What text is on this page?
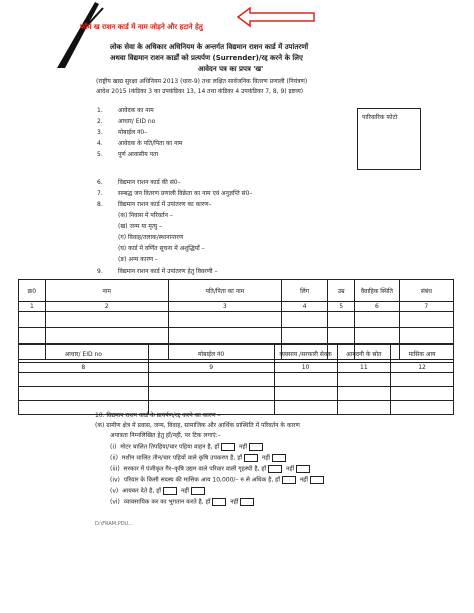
फॉर्म ख राशन कार्ड में नाम जोड़ने और हटाने हेतु
लोक सेवा के अधिकार अधिनियम के अन्तर्गत विद्यमान राशन कार्ड में उपांतरणों
अथवा विद्यमान राशन कार्डों को प्रत्यर्पण (Surrender)/रद्द करने के लिए
आवेदन पत्र का प्रपत्र 'ख'
(राष्ट्रीय खाद्य सुरक्षा अधिनियम 2013 (धारा-9) तथा लक्षित सार्वजनिक वितरण प्रणाली (नियंत्रण)
आदेश 2015 (कंडिका 3 का उपकंडिका 13, 14 तथा कंडिका 4 उपकंडिका 7, 8, 9) द्रष्टव्य)
पारिवारिक फोटो
1.	आवेदक का नाम
2.	आधार/ EID no
3.	मोबाईल नं0–
4.	आवेदक के पति/पिता का नाम
5.	पूर्ण आवासीय पता
6.	विद्यमान राशन कार्ड की सं0–
7.	सम्बद्ध जन वितरण प्रणाली विक्रेता का नाम एवं अनुज्ञप्ति सं0–
8.	विद्यमान राशन कार्ड में उपांतरण का कारण–
(क) निवास में परिवर्तन –
(ख) जन्म या मृत्यु –
(ग) विवाह/तलाक/स्थानान्तरण
(घ) कार्ड में वर्णित सूचना में अशुद्धियाँ –
(ङ) अन्य कारण –
9.	विद्यमान राशन कार्ड में उपांतरण हेतु विवरणी –
क्र0	नाम	पति/पिता का नाम	लिंग	उम्र	वैवाहिक स्थिति	संबंध
1	2	3	4	5	6	7

आधार/ EID no	मोबाईल नं0	व्यवसाय /सरकारी सेवक	आमदनी के स्रोत	मासिक आय
8	9	10	11	12

10. विद्यमान राशन कार्ड के प्रत्यर्पण/रद्द करने का कारण –
(क) ग्रामीण क्षेत्र में प्रवास, जन्म, विवाह, सामाजिक और आर्थिक प्रास्थिति में परिवर्तन के कारण
अपात्रता निम्नलिखित हेतु हाँ/नहीं, पर टिक लगाएं:–
(i) मोटर चालित तिपहिया/चार पहिया वाहन है, हाँ	नहीं
(ii) मशीन चालित तीन/चार पहियों वाले कृषि उपकरण है, हाँ	नहीं
(iii) सरकार में पंजीकृत गैर–कृषि उद्यम वाले परिवार वाली गृहस्थी है, हाँ	नहीं
(iv) परिवार के किसी सदस्य की मासिक आय 10,000/– रु से अधिक है, हाँ	नहीं
(v) आयकर देते है, हाँ	नहीं
(vi) व्यावसायिक कर का भुगतान करते है, हाँ	नहीं
D:\FRAM.PDU...
